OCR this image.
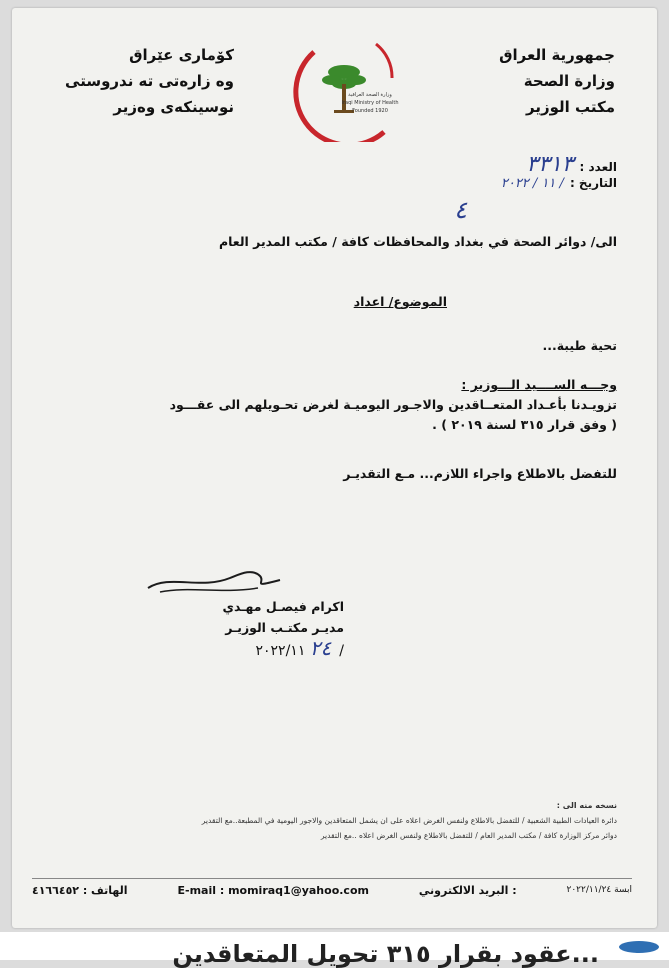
جمهورية العراق
وزارة الصحة
مكتب الوزير
وزارة الصحة العراقية
Iraqi Ministry of Health
Founded 1920
كۆماری عێراق
وه زارەتی تە ندروستی
نوسینكەی وەزیر
العدد :
٣٣١٣
التاريخ :
/ ١١ / ٢٠٢٢
٤
الى/ دوائر الصحة في بغداد والمحافظات كافة / مكتب المدير العام
الموضوع/ اعداد
تحية طيبة...
وجـــه الســــيد الـــوزير :
تزويـدنا بأعـداد المتعــاقدين والاجـور اليوميـة لغرض تحـويلهم الى عقـــود
( وفق قرار ٣١٥ لسنة ٢٠١٩ ) .
للتفضل بالاطلاع واجراء اللازم... مـع التقديـر
اكرام فيصـل مهـدي
مديـر مكتـب الوزيـر
٢٤ ٢٠٢٢/١١/
نسخه منه الى :
دائرة العيادات الطبية الشعبية / للتفضل بالاطلاع ولنفس الغرض اعلاه على ان يشمل المتعاقدين والاجور اليومية في المطبعة..مع التقدير
دوائر مركز الوزارة كافة / مكتب المدير العام / للتفضل بالاطلاع ولنفس الغرض اعلاه ..مع التقدير
الهاتف : ٤١٦٦٤٥٢	E-mail : momiraq1@yahoo.com	البريد الالكتروني :	ابسة ٢٠٢٢/١١/٢٤
...عقود بقرار ٣١٥ تحويل المتعاقدين
